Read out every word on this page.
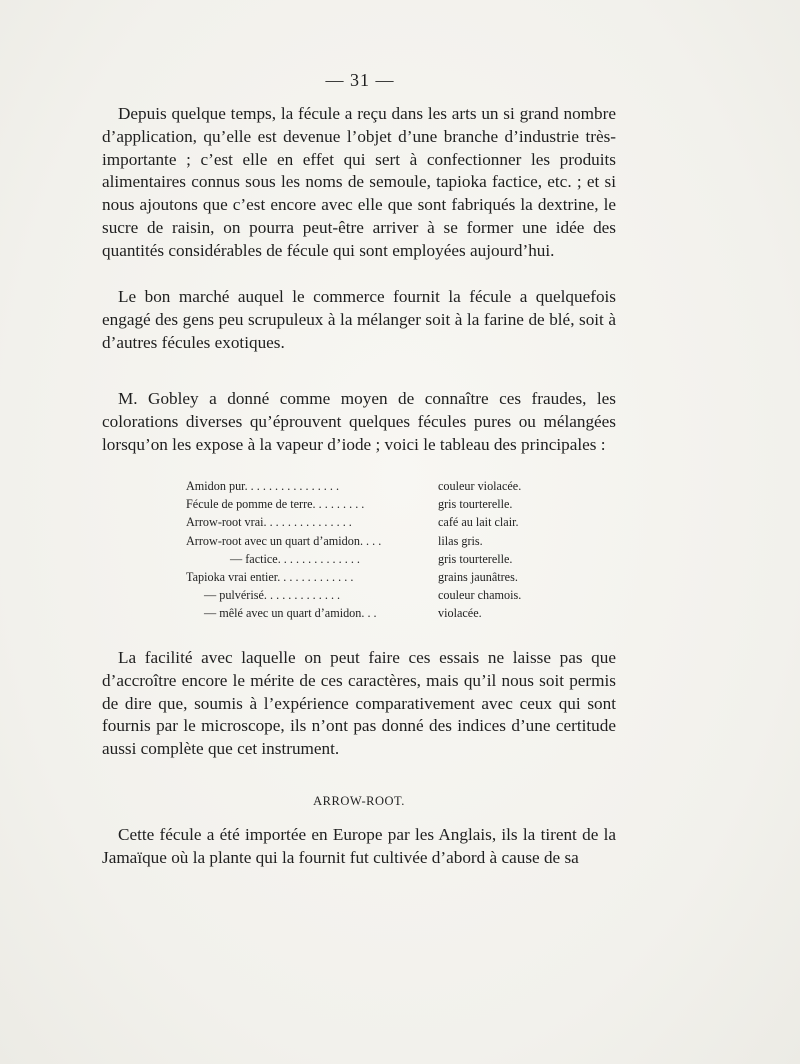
— 31 —

Depuis quelque temps, la fécule a reçu dans les arts un si grand nombre d’application, qu’elle est devenue l’objet d’une branche d’industrie très-importante ; c’est elle en effet qui sert à confectionner les produits alimentaires connus sous les noms de semoule, tapioka factice, etc. ; et si nous ajoutons que c’est encore avec elle que sont fabriqués la dextrine, le sucre de raisin, on pourra peut-être arriver à se former une idée des quantités considérables de fécule qui sont employées aujourd’hui.

Le bon marché auquel le commerce fournit la fécule a quelquefois engagé des gens peu scrupuleux à la mélanger soit à la farine de blé, soit à d’autres fécules exotiques.

M. Gobley a donné comme moyen de connaître ces fraudes, les colorations diverses qu’éprouvent quelques fécules pures ou mélangées lorsqu’on les expose à la vapeur d’iode ; voici le tableau des principales :

Amidon pur. . . . . . . . . . . . . . . .	couleur violacée.
Fécule de pomme de terre. . . . . . . . .	gris tourterelle.
Arrow-root vrai. . . . . . . . . . . . . . .	café au lait clair.
Arrow-root avec un quart d’amidon. . . .	lilas gris.
— factice. . . . . . . . . . . . . .	gris tourterelle.
Tapioka vrai entier. . . . . . . . . . . . .	grains jaunâtres.
— pulvérisé. . . . . . . . . . . . .	couleur chamois.
— mêlé avec un quart d’amidon. . .	violacée.

La facilité avec laquelle on peut faire ces essais ne laisse pas que d’accroître encore le mérite de ces caractères, mais qu’il nous soit permis de dire que, soumis à l’expérience comparativement avec ceux qui sont fournis par le microscope, ils n’ont pas donné des indices d’une certitude aussi complète que cet instrument.

ARROW-ROOT.

Cette fécule a été importée en Europe par les Anglais, ils la tirent de la Jamaïque où la plante qui la fournit fut cultivée d’abord à cause de sa
